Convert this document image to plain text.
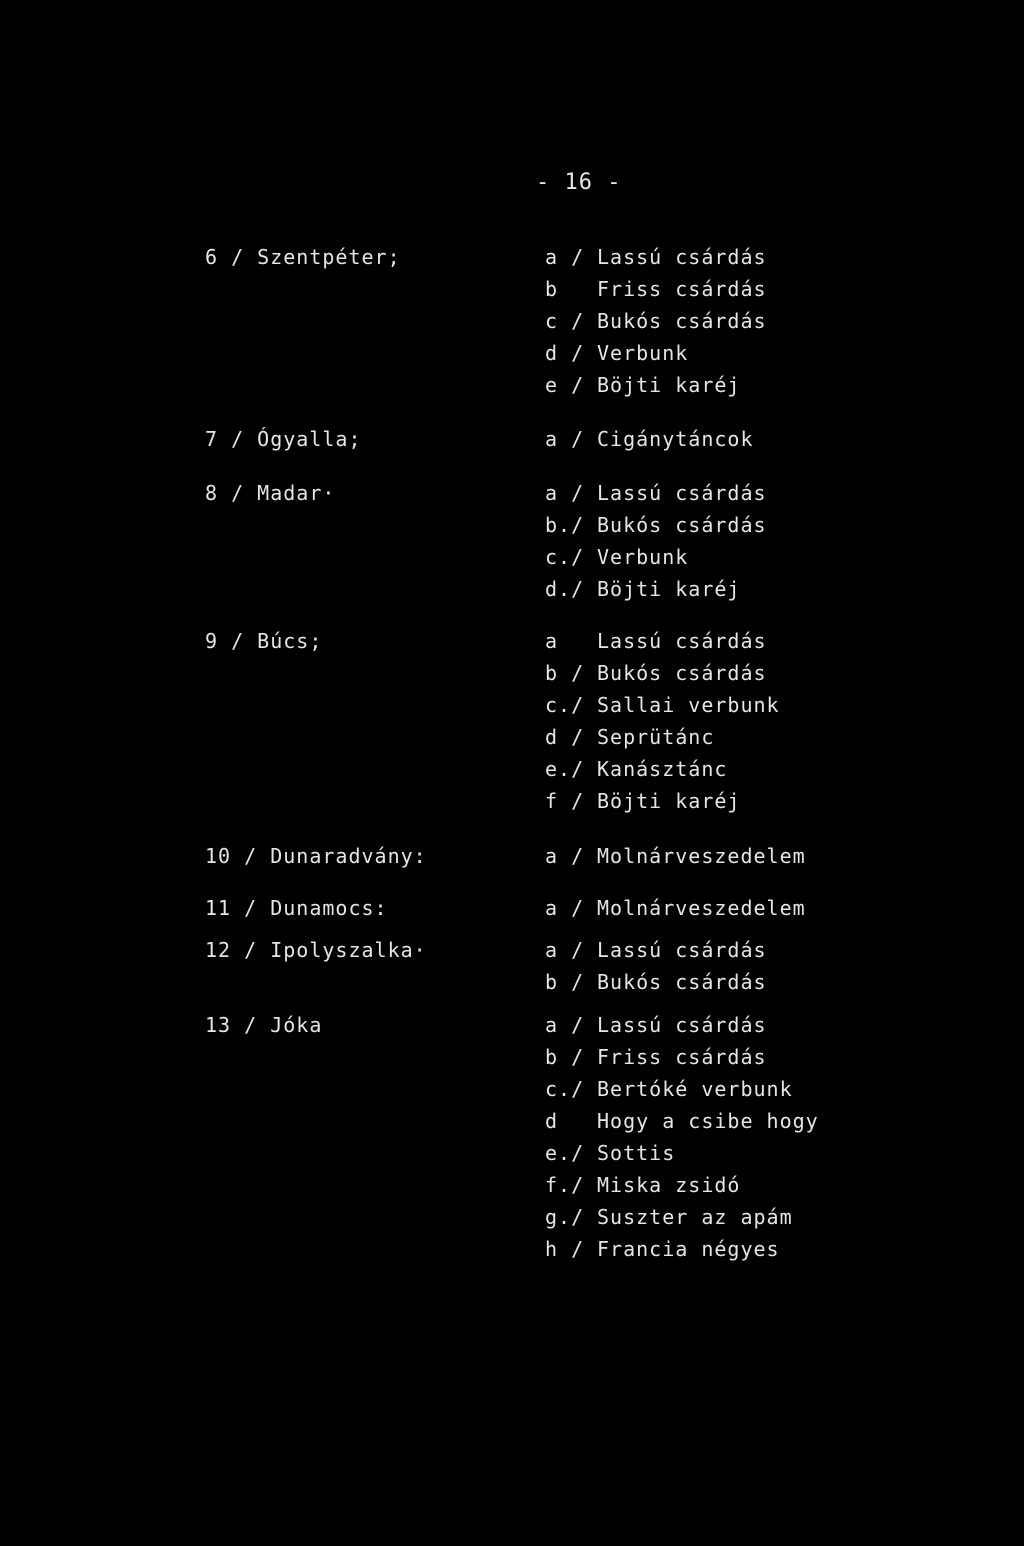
- 16 -
6 / Szentpéter;	a / Lassú csárdás
b Friss csárdás
c / Bukós csárdás
d / Verbunk
e / Böjti karéj
7 / Ógyalla;	a / Cigánytáncok
8 / Madar·	a / Lassú csárdás
b./ Bukós csárdás
c./ Verbunk
d./ Böjti karéj
9 / Búcs;	a Lassú csárdás
b / Bukós csárdás
c./ Sallai verbunk
d / Seprütánc
e./ Kanásztánc
f / Böjti karéj
10 / Dunaradvány:	a / Molnárveszedelem
11 / Dunamocs:	a / Molnárveszedelem
12 / Ipolyszalka·	a / Lassú csárdás
b / Bukós csárdás
13 / Jóka	a / Lassú csárdás
b / Friss csárdás
c./ Bertóké verbunk
d Hogy a csibe hogy
e./ Sottis
f./ Miska zsidó
g./ Suszter az apám
h / Francia négyes
